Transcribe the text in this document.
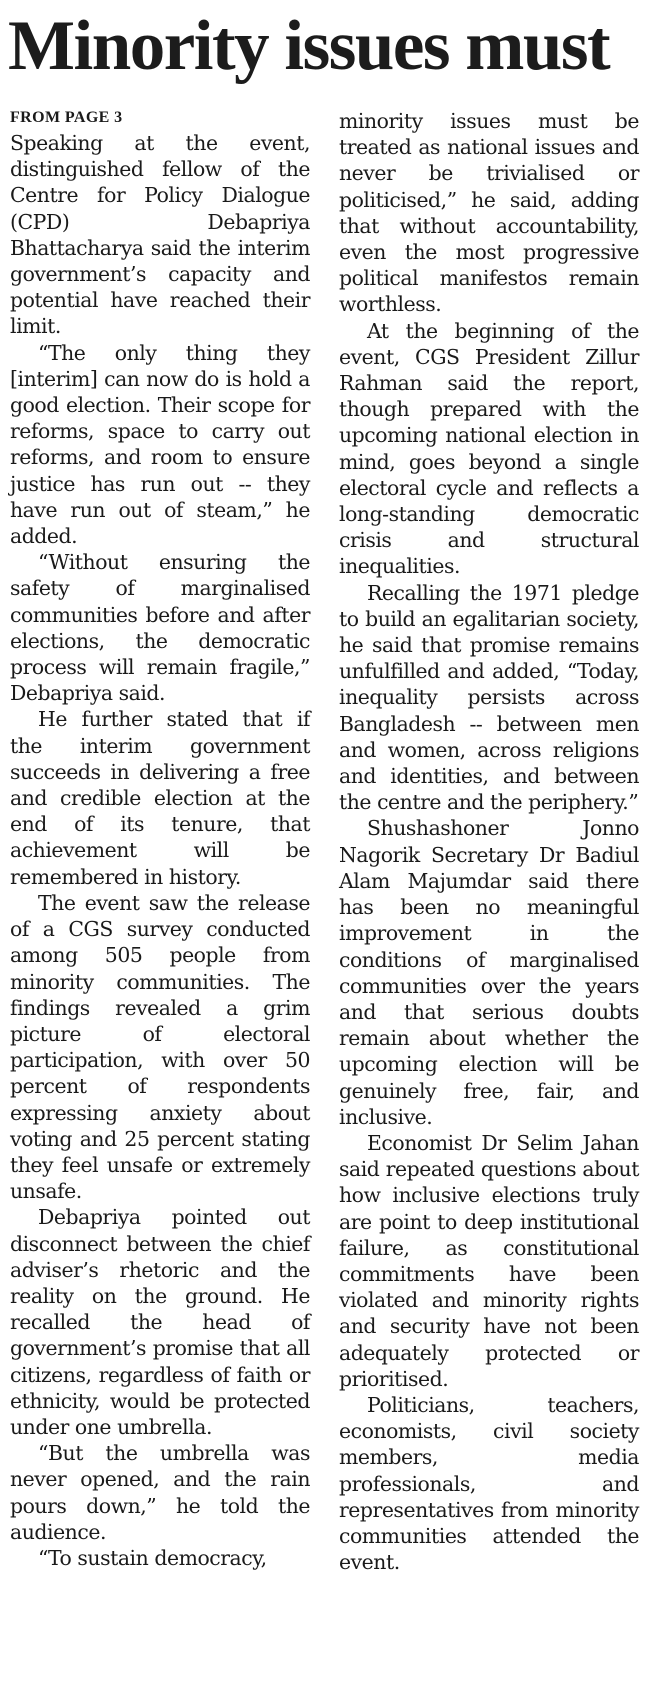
Minority issues must
FROM PAGE 3

Speaking at the event, distinguished fellow of the Centre for Policy Dialogue (CPD) Debapriya Bhattacharya said the interim government’s capacity and potential have reached their limit.

“The only thing they [interim] can now do is hold a good election. Their scope for reforms, space to carry out reforms, and room to ensure justice has run out -- they have run out of steam,” he added.

“Without ensuring the safety of marginalised communities before and after elections, the democratic process will remain fragile,” Debapriya said.

He further stated that if the interim government succeeds in delivering a free and credible election at the end of its tenure, that achievement will be remembered in history.

The event saw the release of a CGS survey conducted among 505 people from minority communities. The findings revealed a grim picture of electoral participation, with over 50 percent of respondents expressing anxiety about voting and 25 percent stating they feel unsafe or extremely unsafe.

Debapriya pointed out disconnect between the chief adviser’s rhetoric and the reality on the ground. He recalled the head of government’s promise that all citizens, regardless of faith or ethnicity, would be protected under one umbrella.

“But the umbrella was never opened, and the rain pours down,” he told the audience.

“To sustain democracy,

minority issues must be treated as national issues and never be trivialised or politicised,” he said, adding that without accountability, even the most progressive political manifestos remain worthless.

At the beginning of the event, CGS President Zillur Rahman said the report, though prepared with the upcoming national election in mind, goes beyond a single electoral cycle and reflects a long-standing democratic crisis and structural inequalities.

Recalling the 1971 pledge to build an egalitarian society, he said that promise remains unfulfilled and added, “Today, inequality persists across Bangladesh -- between men and women, across religions and identities, and between the centre and the periphery.”

Shushashoner Jonno Nagorik Secretary Dr Badiul Alam Majumdar said there has been no meaningful improvement in the conditions of marginalised communities over the years and that serious doubts remain about whether the upcoming election will be genuinely free, fair, and inclusive.

Economist Dr Selim Jahan said repeated questions about how inclusive elections truly are point to deep institutional failure, as constitutional commitments have been violated and minority rights and security have not been adequately protected or prioritised.

Politicians, teachers, economists, civil society members, media professionals, and representatives from minority communities attended the event.
